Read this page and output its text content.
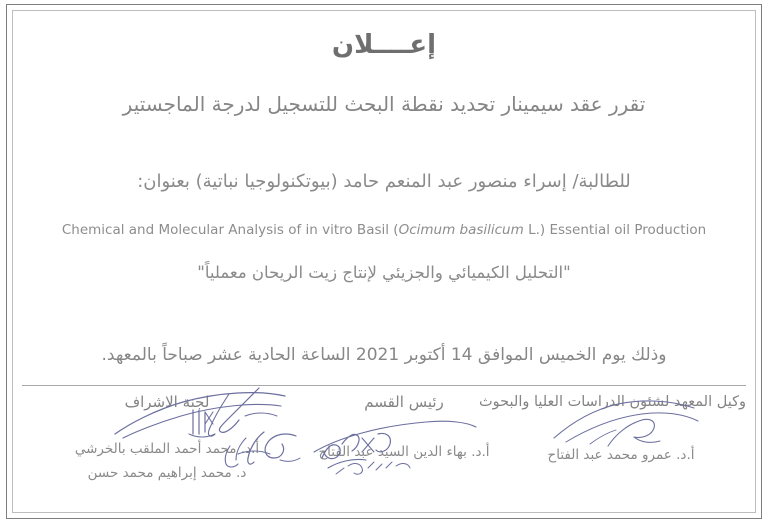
إعــــلان
تقرر عقد سيمينار تحديد نقطة البحث للتسجيل لدرجة الماجستير
للطالبة/ إسراء منصور عبد المنعم حامد (بيوتكنولوجيا نباتية) بعنوان:
Chemical and Molecular Analysis of in vitro Basil (Ocimum basilicum L.) Essential oil Production
"التحليل الكيميائي والجزيئي لإنتاج زيت الريحان معملياً"
وذلك يوم الخميس الموافق 14 أكتوبر 2021 الساعة الحادية عشر صباحاً بالمعهد.
وكيل المعهد لشئون الدراسات العليا والبحوث
أ.د. عمرو محمد عبد الفتاح
رئيس القسم
أ.د. بهاء الدين السيد عبد الفتاح
لجنة الاشراف
أ.د. محمد أحمد الملقب بالخرشي
د. محمد إبراهيم محمد حسن
